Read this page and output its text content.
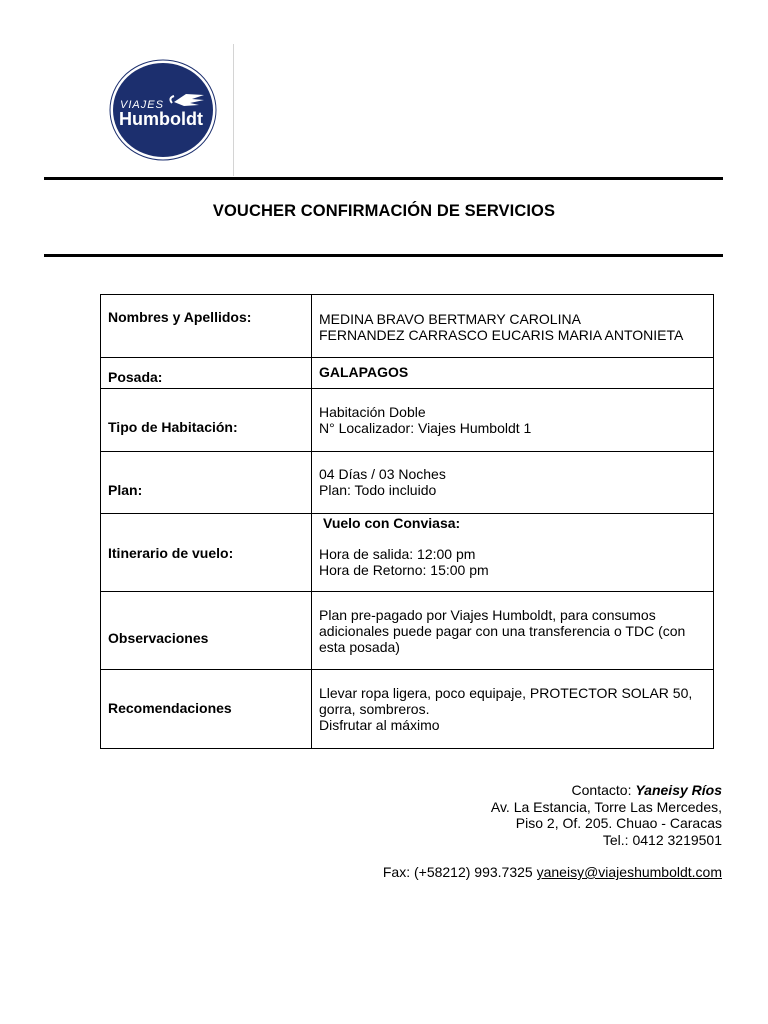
VIAJES
Humboldt
VOUCHER CONFIRMACIÓN DE SERVICIOS
Nombres y Apellidos:	MEDINA BRAVO BERTMARY CAROLINA
FERNANDEZ CARRASCO EUCARIS MARIA ANTONIETA

Posada:	GALAPAGOS
Tipo de Habitación:	Habitación Doble
N° Localizador: Viajes Humboldt 1

Plan:	04 Días / 03 Noches
Plan: Todo incluido

Itinerario de vuelo:	Vuelo con Conviasa:
Hora de salida: 12:00 pm
Hora de Retorno: 15:00 pm

Observaciones	Plan pre-pagado por Viajes Humboldt, para consumos
adicionales puede pagar con una transferencia o TDC (con
esta posada)

Recomendaciones	Llevar ropa ligera, poco equipaje, PROTECTOR SOLAR 50,
gorra, sombreros.
Disfrutar al máximo
Contacto: Yaneisy Ríos
Av. La Estancia, Torre Las Mercedes,
Piso 2, Of. 205. Chuao - Caracas
Tel.: 0412 3219501
Fax: (+58212) 993.7325 yaneisy@viajeshumboldt.com
